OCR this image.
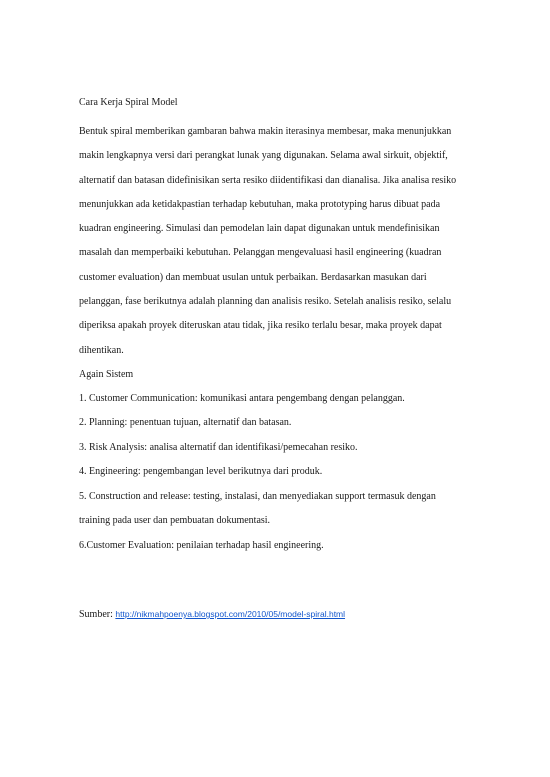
Cara Kerja Spiral Model
Bentuk spiral memberikan gambaran bahwa makin iterasinya membesar, maka menunjukkan
makin lengkapnya versi dari perangkat lunak yang digunakan. Selama awal sirkuit, objektif,
alternatif dan batasan didefinisikan serta resiko diidentifikasi dan dianalisa. Jika analisa resiko
menunjukkan ada ketidakpastian terhadap kebutuhan, maka prototyping harus dibuat pada
kuadran engineering. Simulasi dan pemodelan lain dapat digunakan untuk mendefinisikan
masalah dan memperbaiki kebutuhan. Pelanggan mengevaluasi hasil engineering (kuadran
customer evaluation) dan membuat usulan untuk perbaikan. Berdasarkan masukan dari
pelanggan, fase berikutnya adalah planning dan analisis resiko. Setelah analisis resiko, selalu
diperiksa apakah proyek diteruskan atau tidak, jika resiko terlalu besar, maka proyek dapat
dihentikan.
Again Sistem
1. Customer Communication: komunikasi antara pengembang dengan pelanggan.
2. Planning: penentuan tujuan, alternatif dan batasan.
3. Risk Analysis: analisa alternatif dan identifikasi/pemecahan resiko.
4. Engineering: pengembangan level berikutnya dari produk.
5. Construction and release: testing, instalasi, dan menyediakan support termasuk dengan
training pada user dan pembuatan dokumentasi.
6.Customer Evaluation: penilaian terhadap hasil engineering.
Sumber: http://nikmahpoenya.blogspot.com/2010/05/model-spiral.html
